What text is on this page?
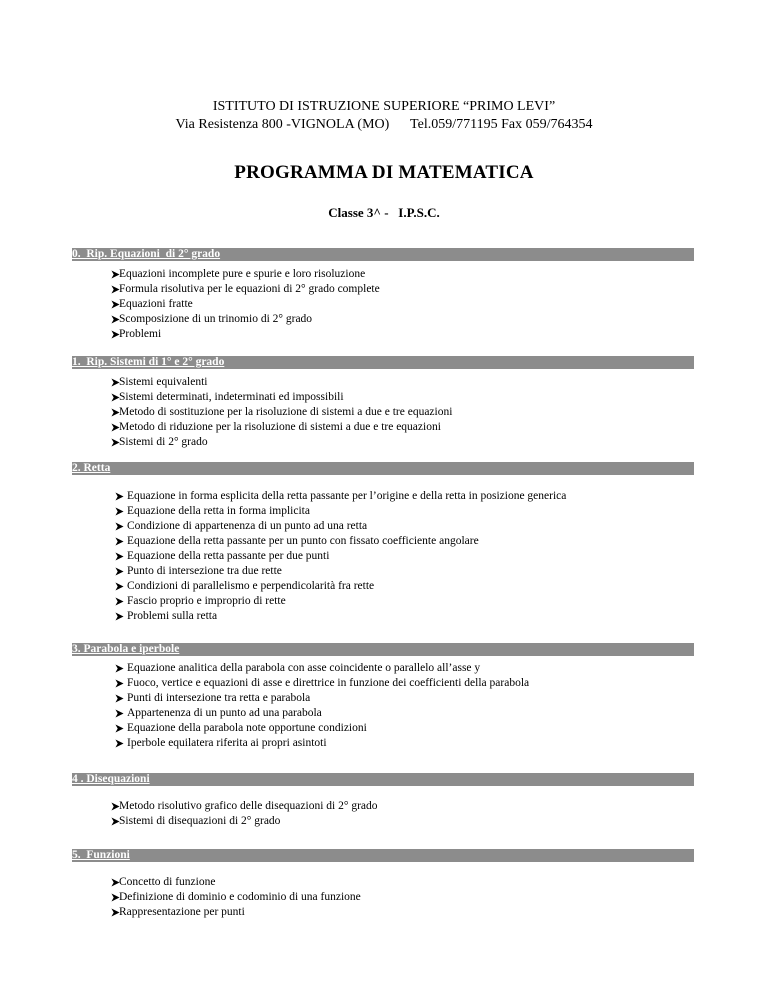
ISTITUTO DI ISTRUZIONE SUPERIORE “PRIMO LEVI”
Via Resistenza 800 -VIGNOLA (MO)      Tel.059/771195 Fax 059/764354
PROGRAMMA DI MATEMATICA
Classe 3^ -   I.P.S.C.
0.  Rip. Equazioni  di 2° grado
Equazioni incomplete pure e spurie e loro risoluzione
Formula risolutiva per le equazioni di 2° grado complete
Equazioni fratte
Scomposizione di un trinomio di 2° grado
Problemi
1.  Rip. Sistemi di 1° e 2° grado
Sistemi equivalenti
Sistemi determinati, indeterminati ed impossibili
Metodo di sostituzione per la risoluzione di sistemi a due e tre equazioni
Metodo di riduzione per la risoluzione di sistemi a due e tre equazioni
Sistemi di 2° grado
2. Retta
Equazione in forma esplicita della retta passante per l’origine e della retta in posizione generica
Equazione della retta in forma implicita
Condizione di appartenenza di un punto ad una retta
Equazione della retta passante per un punto con fissato coefficiente angolare
Equazione della retta passante per due punti
Punto di intersezione tra due rette
Condizioni di parallelismo e perpendicolarità fra rette
Fascio proprio e improprio di rette
Problemi sulla retta
3. Parabola e iperbole
Equazione analitica della parabola con asse coincidente o parallelo all’asse y
Fuoco, vertice e equazioni di asse e direttrice in funzione dei coefficienti della parabola
Punti di intersezione tra retta e parabola
Appartenenza di un punto ad una parabola
Equazione della parabola note opportune condizioni
Iperbole equilatera riferita ai propri asintoti
4 . Disequazioni
Metodo risolutivo grafico delle disequazioni di 2° grado
Sistemi di disequazioni di 2° grado
5.  Funzioni
Concetto di funzione
Definizione di dominio e codominio di una funzione
Rappresentazione per punti
